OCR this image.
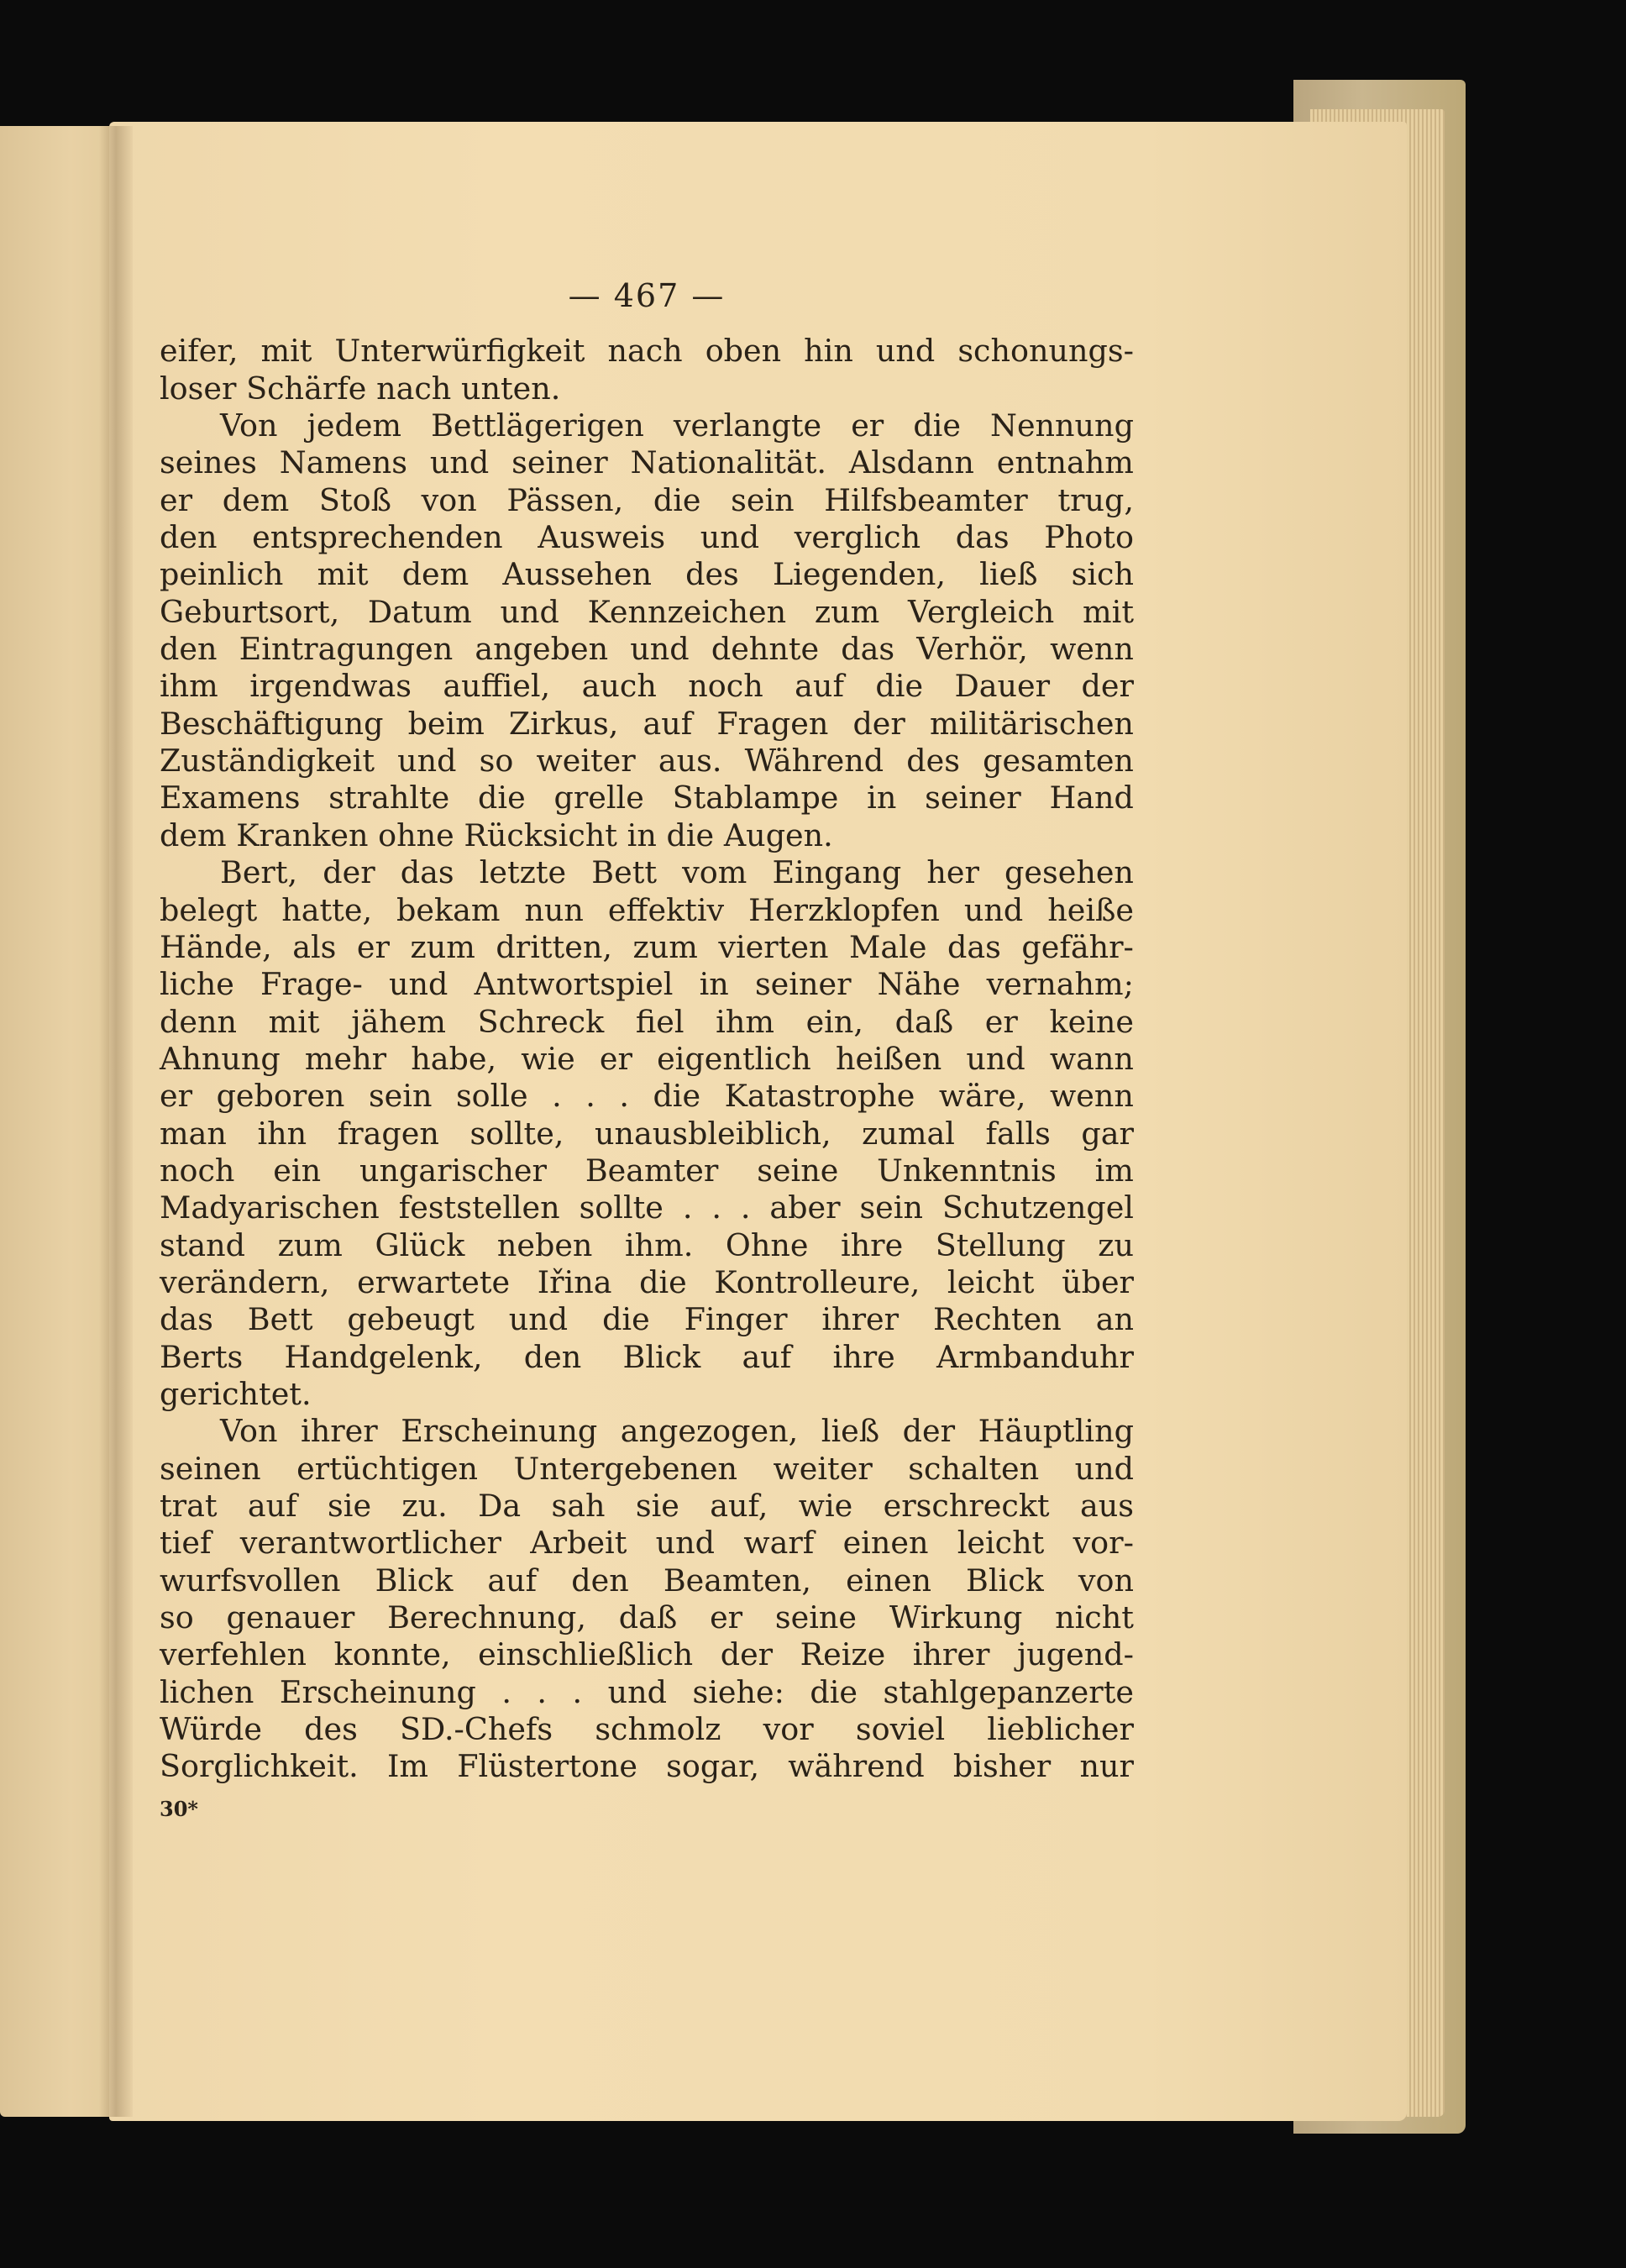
— 467 —
eifer, mit Unterwürfigkeit nach oben hin und schonungs-
loser Schärfe nach unten.
Von jedem Bettlägerigen verlangte er die Nennung
seines Namens und seiner Nationalität. Alsdann entnahm
er dem Stoß von Pässen, die sein Hilfsbeamter trug,
den entsprechenden Ausweis und verglich das Photo
peinlich mit dem Aussehen des Liegenden, ließ sich
Geburtsort, Datum und Kennzeichen zum Vergleich mit
den Eintragungen angeben und dehnte das Verhör, wenn
ihm irgendwas auffiel, auch noch auf die Dauer der
Beschäftigung beim Zirkus, auf Fragen der militärischen
Zuständigkeit und so weiter aus. Während des gesamten
Examens strahlte die grelle Stablampe in seiner Hand
dem Kranken ohne Rücksicht in die Augen.
Bert, der das letzte Bett vom Eingang her gesehen
belegt hatte, bekam nun effektiv Herzklopfen und heiße
Hände, als er zum dritten, zum vierten Male das gefähr-
liche Frage- und Antwortspiel in seiner Nähe vernahm;
denn mit jähem Schreck fiel ihm ein, daß er keine
Ahnung mehr habe, wie er eigentlich heißen und wann
er geboren sein solle . . . die Katastrophe wäre, wenn
man ihn fragen sollte, unausbleiblich, zumal falls gar
noch ein ungarischer Beamter seine Unkenntnis im
Madyarischen feststellen sollte . . . aber sein Schutzengel
stand zum Glück neben ihm. Ohne ihre Stellung zu
verändern, erwartete Iřina die Kontrolleure, leicht über
das Bett gebeugt und die Finger ihrer Rechten an
Berts Handgelenk, den Blick auf ihre Armbanduhr
gerichtet.
Von ihrer Erscheinung angezogen, ließ der Häuptling
seinen ertüchtigen Untergebenen weiter schalten und
trat auf sie zu. Da sah sie auf, wie erschreckt aus
tief verantwortlicher Arbeit und warf einen leicht vor-
wurfsvollen Blick auf den Beamten, einen Blick von
so genauer Berechnung, daß er seine Wirkung nicht
verfehlen konnte, einschließlich der Reize ihrer jugend-
lichen Erscheinung . . . und siehe: die stahlgepanzerte
Würde des SD.-Chefs schmolz vor soviel lieblicher
Sorglichkeit. Im Flüstertone sogar, während bisher nur
30*
